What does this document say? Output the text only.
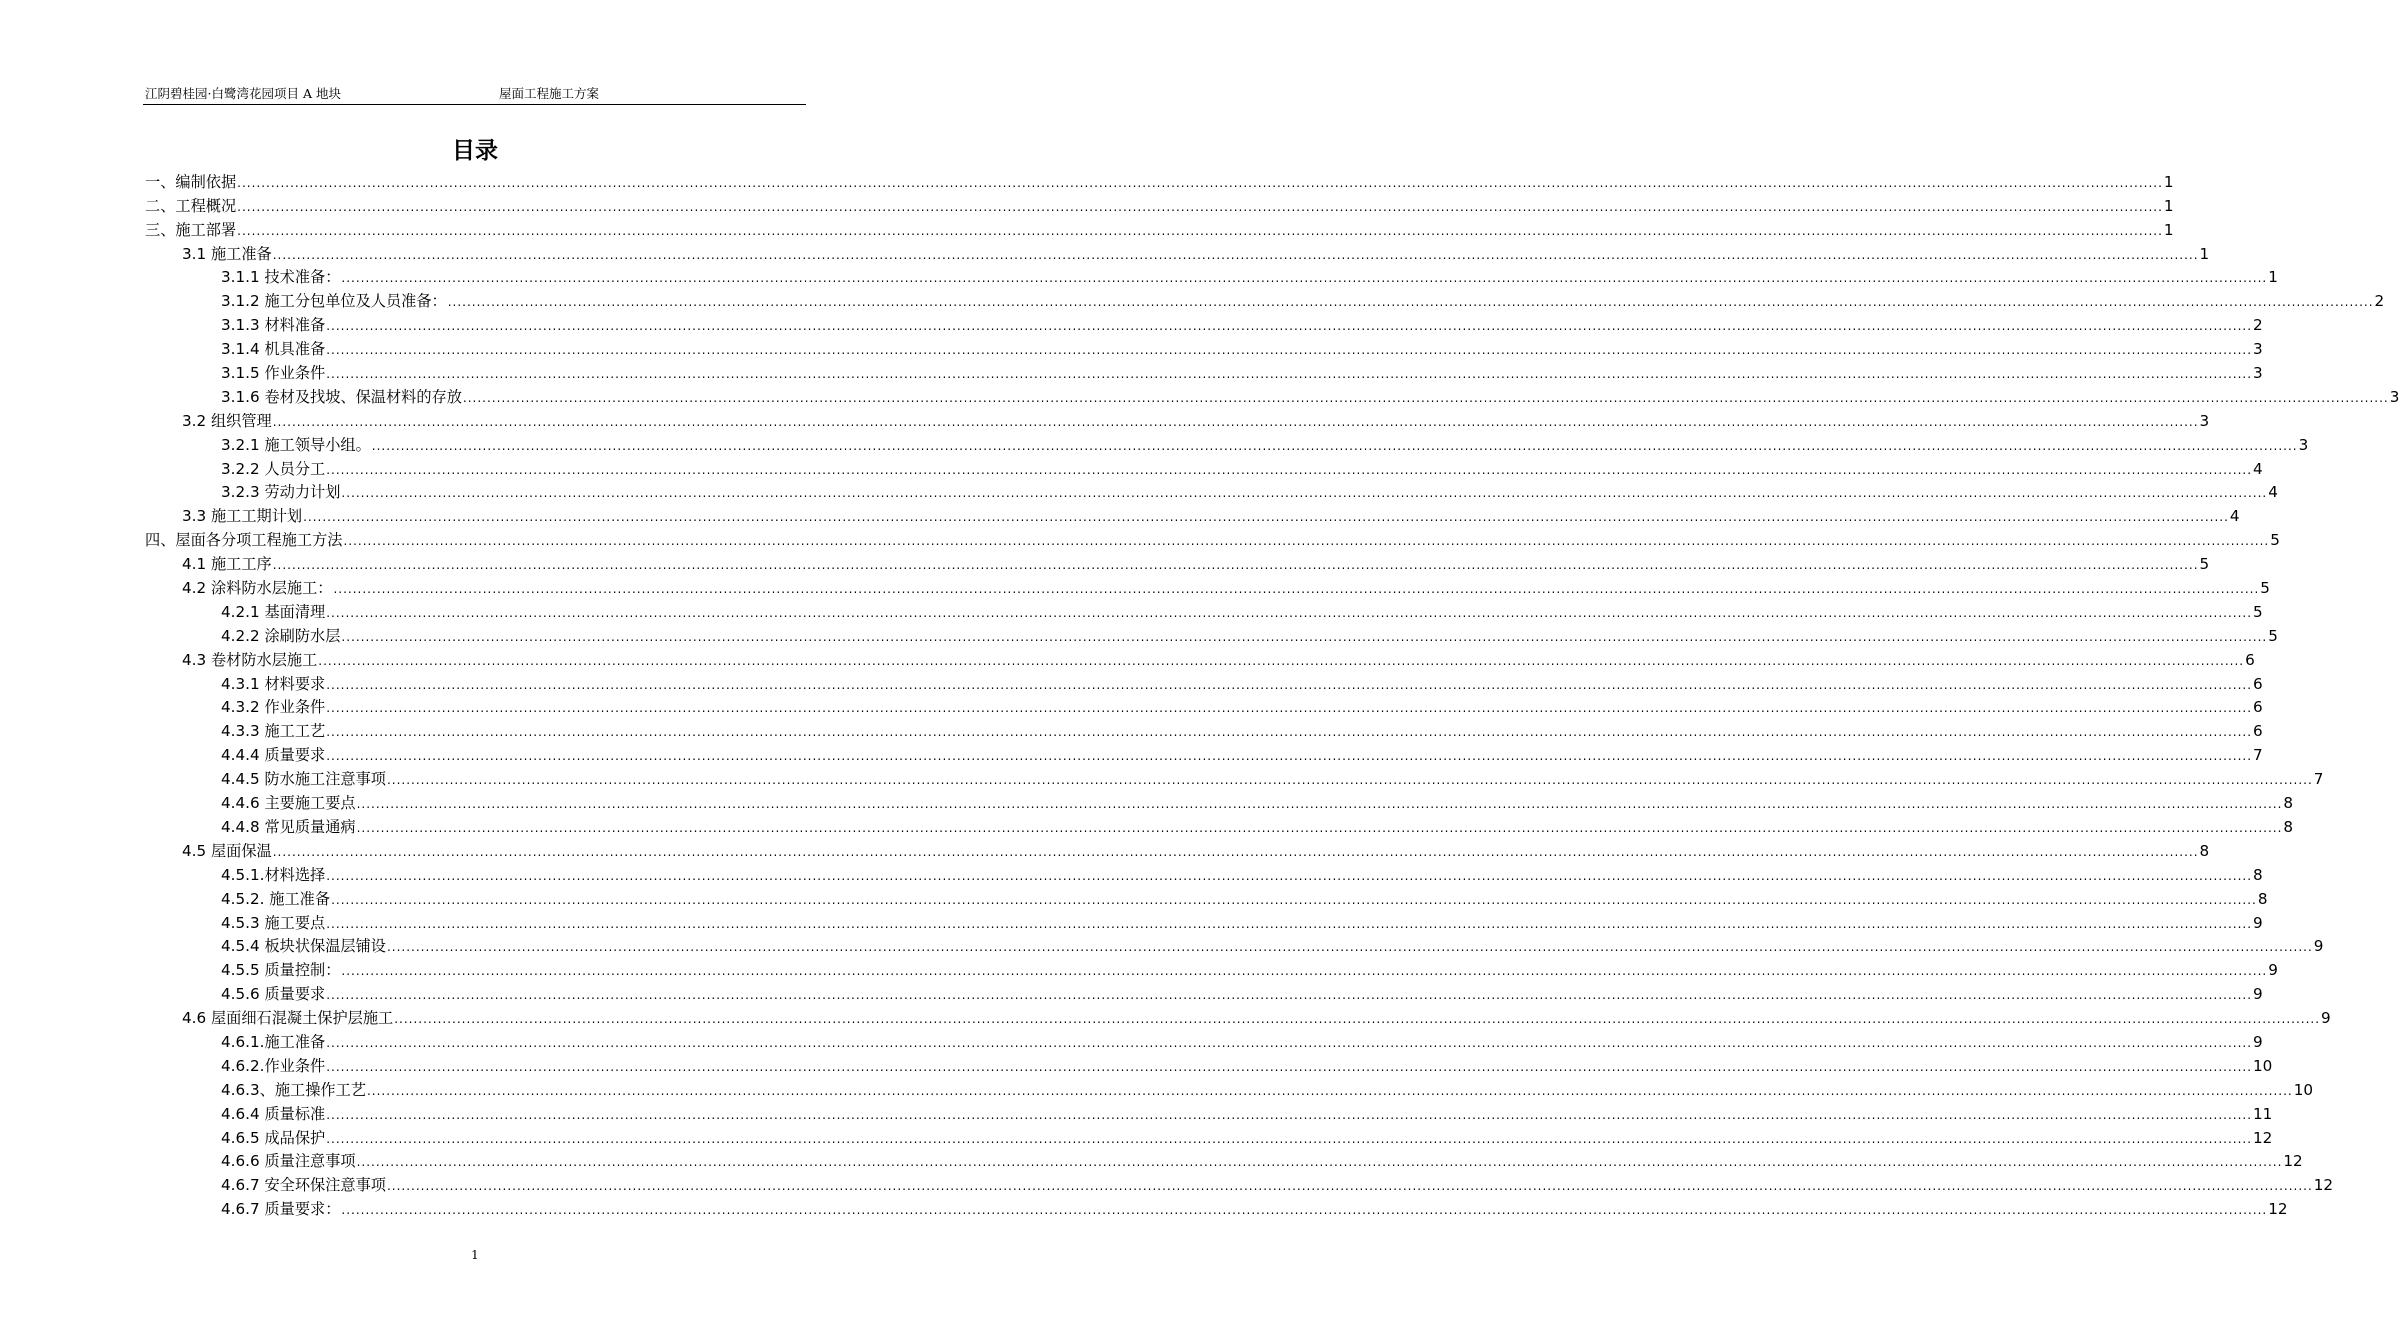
江阴碧桂园·白鹭湾花园项目 A 地块	屋面工程施工方案
目录
一、编制依据 ................................................................................................................................................................................................................................................................................................................................................................................................................ 1
二、工程概况 ................................................................................................................................................................................................................................................................................................................................................................................................................ 1
三、施工部署 ................................................................................................................................................................................................................................................................................................................................................................................................................ 1
3.1 施工准备 ................................................................................................................................................................................................................................................................................................................................................................................................................ 1
3.1.1 技术准备： ................................................................................................................................................................................................................................................................................................................................................................................................................ 1
3.1.2 施工分包单位及人员准备： ................................................................................................................................................................................................................................................................................................................................................................................................................ 2
3.1.3 材料准备 ................................................................................................................................................................................................................................................................................................................................................................................................................ 2
3.1.4 机具准备 ................................................................................................................................................................................................................................................................................................................................................................................................................ 3
3.1.5 作业条件 ................................................................................................................................................................................................................................................................................................................................................................................................................ 3
3.1.6 卷材及找坡、保温材料的存放 ................................................................................................................................................................................................................................................................................................................................................................................................................ 3
3.2 组织管理 ................................................................................................................................................................................................................................................................................................................................................................................................................ 3
3.2.1 施工领导小组。 ................................................................................................................................................................................................................................................................................................................................................................................................................ 3
3.2.2 人员分工 ................................................................................................................................................................................................................................................................................................................................................................................................................ 4
3.2.3 劳动力计划 ................................................................................................................................................................................................................................................................................................................................................................................................................ 4
3.3 施工工期计划 ................................................................................................................................................................................................................................................................................................................................................................................................................ 4
四、屋面各分项工程施工方法 ................................................................................................................................................................................................................................................................................................................................................................................................................ 5
4.1 施工工序 ................................................................................................................................................................................................................................................................................................................................................................................................................ 5
4.2 涂料防水层施工： ................................................................................................................................................................................................................................................................................................................................................................................................................ 5
4.2.1 基面清理 ................................................................................................................................................................................................................................................................................................................................................................................................................ 5
4.2.2 涂刷防水层 ................................................................................................................................................................................................................................................................................................................................................................................................................ 5
4.3 卷材防水层施工 ................................................................................................................................................................................................................................................................................................................................................................................................................ 6
4.3.1 材料要求 ................................................................................................................................................................................................................................................................................................................................................................................................................ 6
4.3.2 作业条件 ................................................................................................................................................................................................................................................................................................................................................................................................................ 6
4.3.3 施工工艺 ................................................................................................................................................................................................................................................................................................................................................................................................................ 6
4.4.4 质量要求 ................................................................................................................................................................................................................................................................................................................................................................................................................ 7
4.4.5 防水施工注意事项 ................................................................................................................................................................................................................................................................................................................................................................................................................ 7
4.4.6 主要施工要点 ................................................................................................................................................................................................................................................................................................................................................................................................................ 8
4.4.8 常见质量通病 ................................................................................................................................................................................................................................................................................................................................................................................................................ 8
4.5 屋面保温 ................................................................................................................................................................................................................................................................................................................................................................................................................ 8
4.5.1.材料选择 ................................................................................................................................................................................................................................................................................................................................................................................................................ 8
4.5.2. 施工准备 ................................................................................................................................................................................................................................................................................................................................................................................................................ 8
4.5.3 施工要点 ................................................................................................................................................................................................................................................................................................................................................................................................................ 9
4.5.4 板块状保温层铺设 ................................................................................................................................................................................................................................................................................................................................................................................................................ 9
4.5.5 质量控制： ................................................................................................................................................................................................................................................................................................................................................................................................................ 9
4.5.6 质量要求 ................................................................................................................................................................................................................................................................................................................................................................................................................ 9
4.6 屋面细石混凝土保护层施工 ................................................................................................................................................................................................................................................................................................................................................................................................................ 9
4.6.1.施工准备 ................................................................................................................................................................................................................................................................................................................................................................................................................ 9
4.6.2.作业条件 ................................................................................................................................................................................................................................................................................................................................................................................................................ 10
4.6.3、施工操作工艺 ................................................................................................................................................................................................................................................................................................................................................................................................................ 10
4.6.4 质量标准 ................................................................................................................................................................................................................................................................................................................................................................................................................ 11
4.6.5 成品保护 ................................................................................................................................................................................................................................................................................................................................................................................................................ 12
4.6.6 质量注意事项 ................................................................................................................................................................................................................................................................................................................................................................................................................ 12
4.6.7 安全环保注意事项 ................................................................................................................................................................................................................................................................................................................................................................................................................ 12
4.6.7 质量要求： ................................................................................................................................................................................................................................................................................................................................................................................................................ 12
1
